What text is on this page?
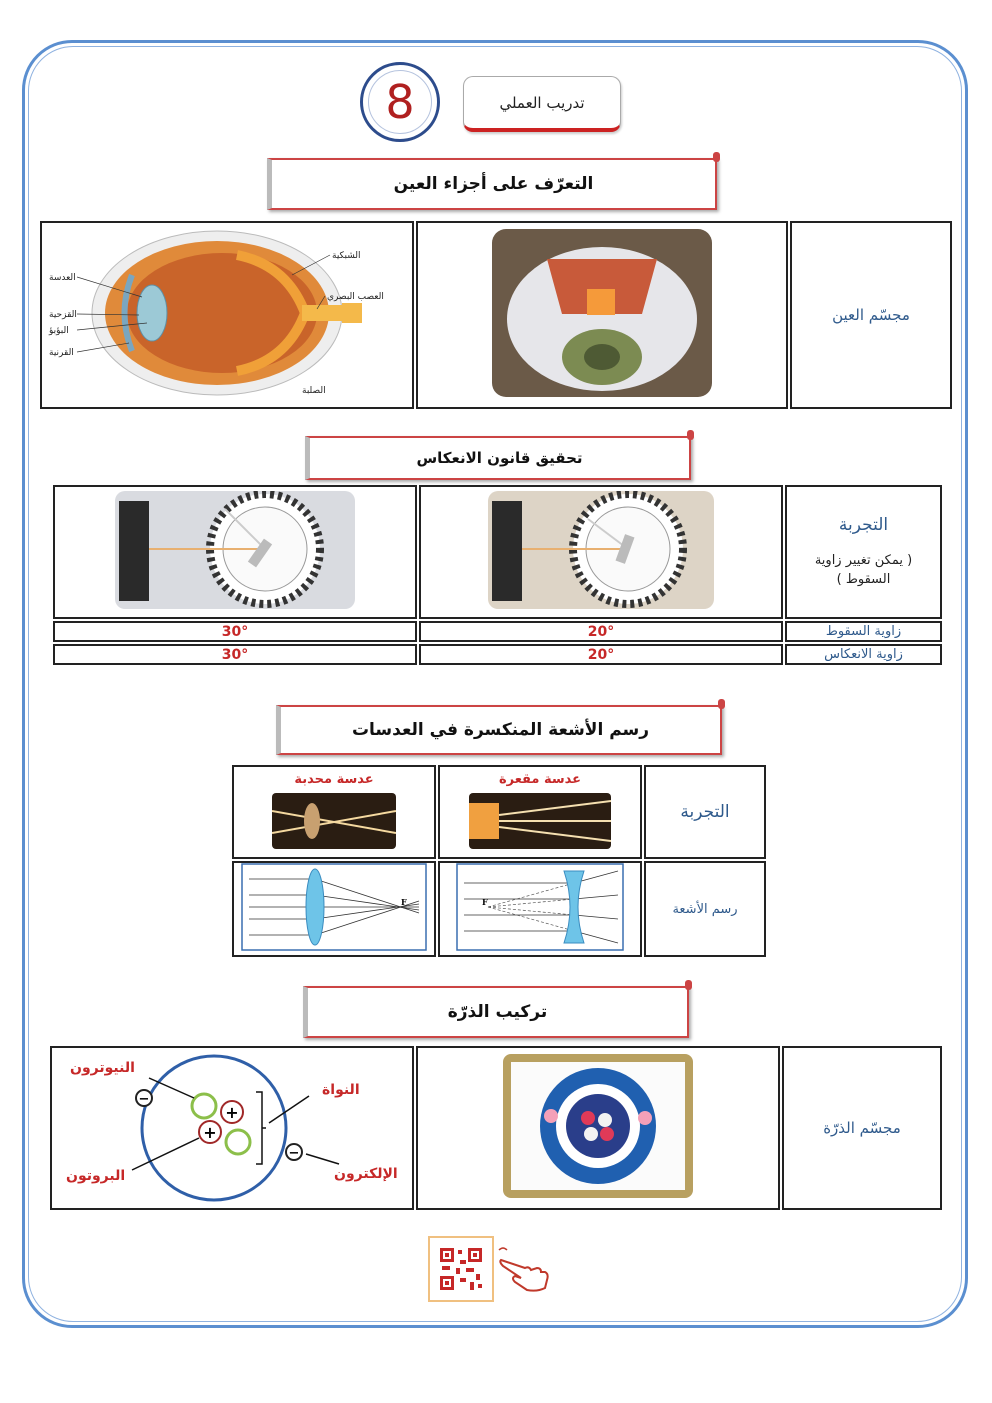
8	تدريب العملي
التعرّف على أجزاء العين
الشبكية
العصب البصري
الصلبة
العدسة
القزحية
البؤبؤ
القرنية
		مجسّم العين
تحقيق قانون الانعكاس

التجربة
( يمكن تغيير زاوية السقوط )

30°	20°	زاوية السقوط
30°	20°	زاوية الانعكاس
رسم الأشعة المنكسرة في العدسات
عدسة محدبة	عدسة مقعرة	التجربة

F	F	رسم الأشعة
تركيب الذرّة
+
+
−
−
النيوترون
النواة
البروتون	الإلكترون
		مجسّم الذرّة
